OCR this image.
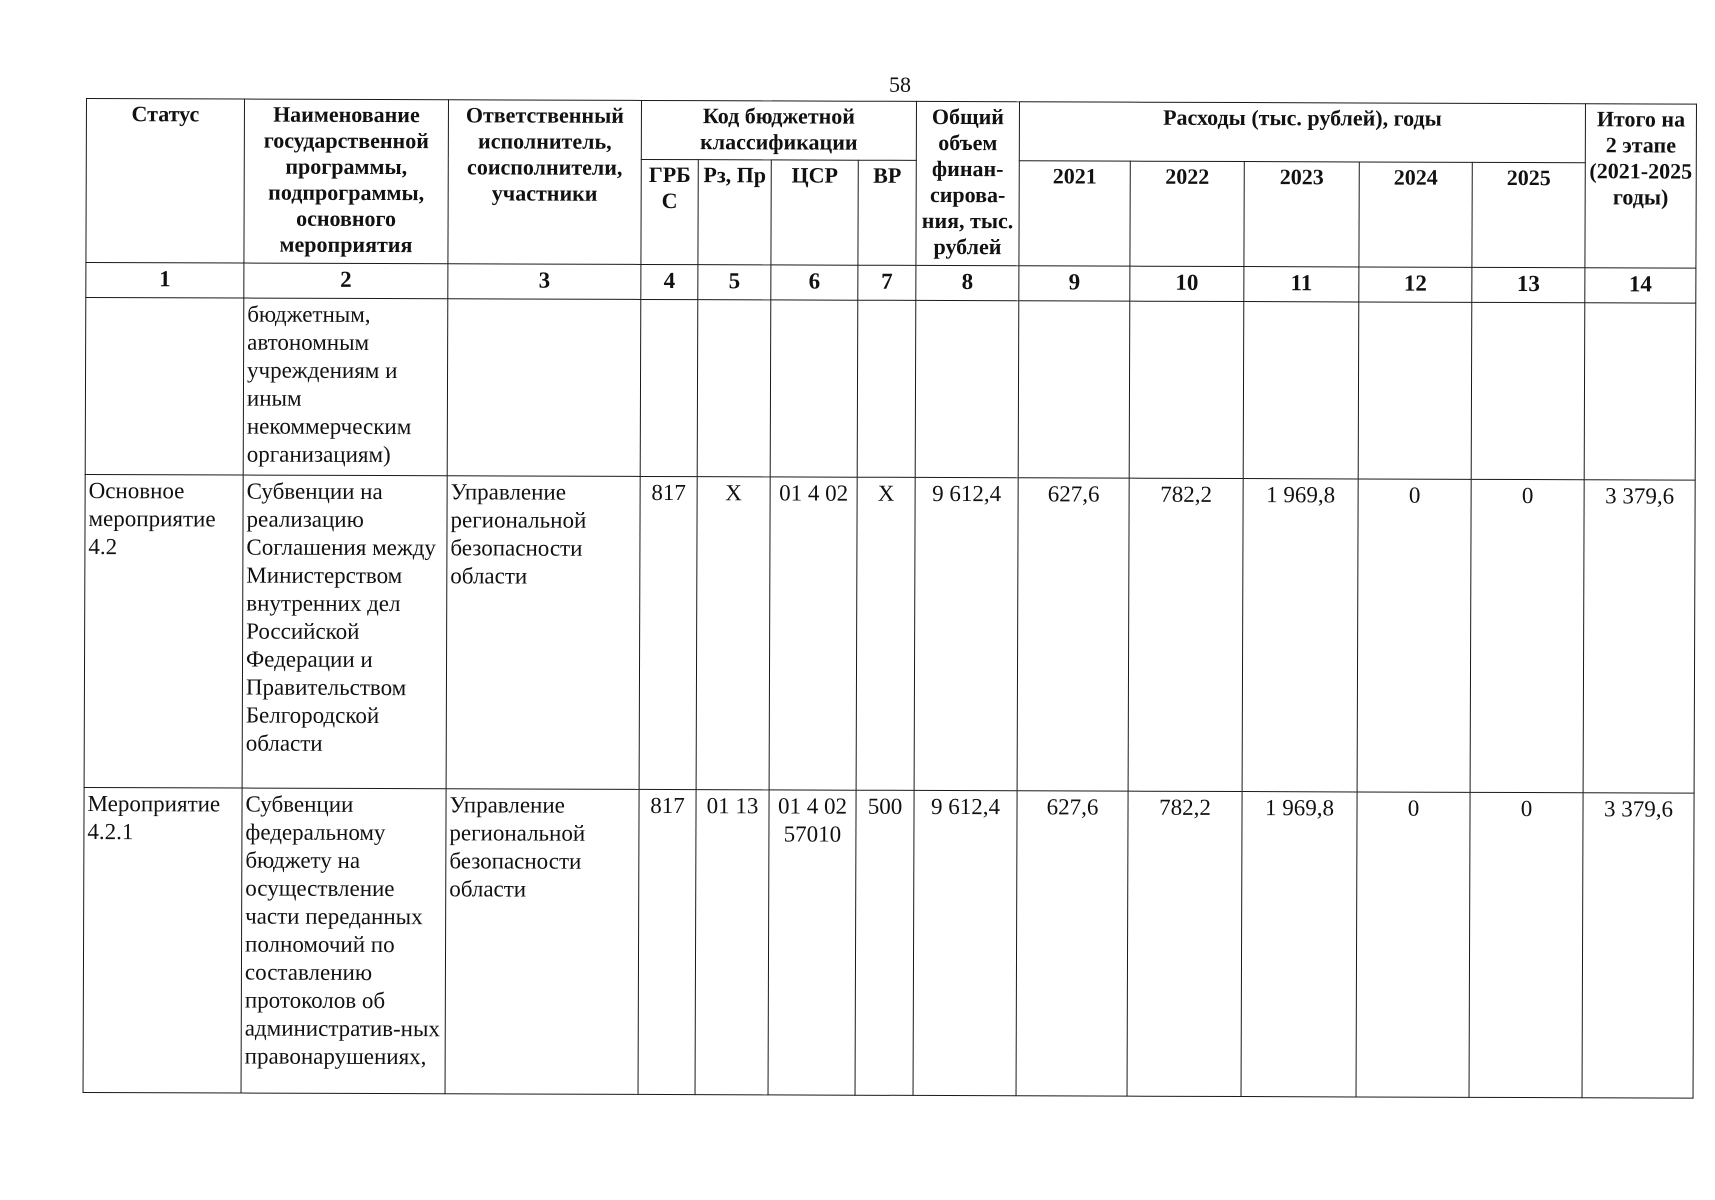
58
Статус	Наименование государственной программы, подпрограммы, основного мероприятия	Ответственный исполнитель, соисполнители, участники	Код бюджетной классификации				Общий объем финан-сирова-ния, тыс. рублей	Расходы (тыс. рублей), годы					Итого на 2 этапе (2021-2025 годы)
			ГРБ С	Рз, Пр	ЦСР	ВР		2021	2022	2023	2024	2025	
1	2	3	4	5	6	7	8	9	10	11	12	13	14
	бюджетным, автономным учреждениям и иным некоммерческим организациям)												
Основное мероприятие 4.2	Субвенции на реализацию Соглашения между Министерством внутренних дел Российской Федерации и Правительством Белгородской области	Управление региональной безопасности области	817	Х	01 4 02	Х	9 612,4	627,6	782,2	1 969,8	0	0	3 379,6
Мероприятие 4.2.1	Субвенции федеральному бюджету на осуществление части переданных полномочий по составлению протоколов об административ-ных правонарушениях,	Управление региональной безопасности области	817	01 13	01 4 02 57010	500	9 612,4	627,6	782,2	1 969,8	0	0	3 379,6
